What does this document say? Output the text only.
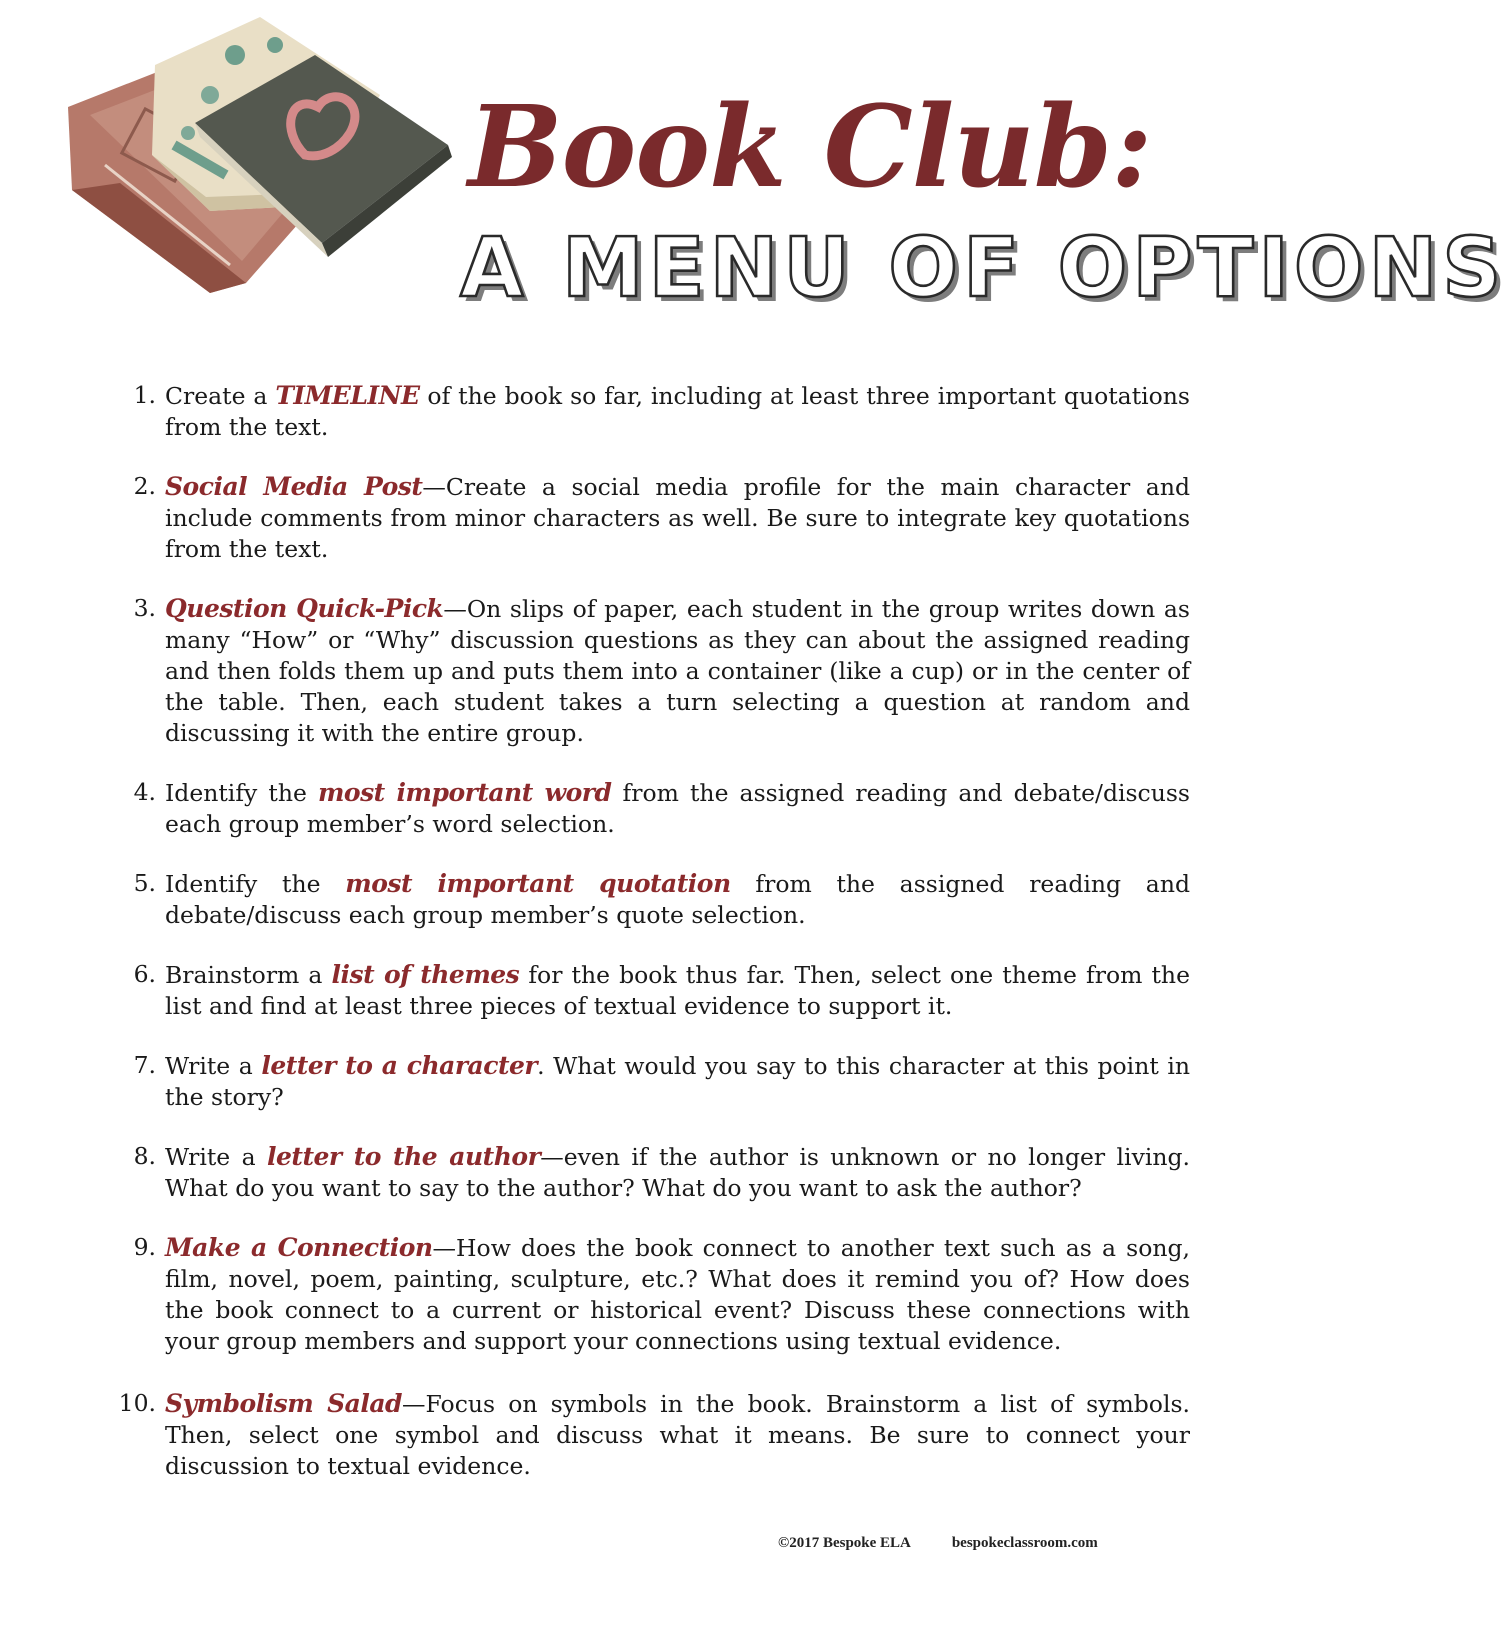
Book Club:
A MENU OF OPTIONS
1. Create a TIMELINE of the book so far, including at least three important quotations from the text.
2. Social Media Post—Create a social media profile for the main character and include comments from minor characters as well. Be sure to integrate key quotations from the text.
3. Question Quick-Pick—On slips of paper, each student in the group writes down as many “How” or “Why” discussion questions as they can about the assigned reading and then folds them up and puts them into a container (like a cup) or in the center of the table. Then, each student takes a turn selecting a question at random and discussing it with the entire group.
4. Identify the most important word from the assigned reading and debate/discuss each group member’s word selection.
5. Identify the most important quotation from the assigned reading and debate/discuss each group member’s quote selection.
6. Brainstorm a list of themes for the book thus far. Then, select one theme from the list and find at least three pieces of textual evidence to support it.
7. Write a letter to a character. What would you say to this character at this point in the story?
8. Write a letter to the author—even if the author is unknown or no longer living. What do you want to say to the author? What do you want to ask the author?
9. Make a Connection—How does the book connect to another text such as a song, film, novel, poem, painting, sculpture, etc.? What does it remind you of? How does the book connect to a current or historical event? Discuss these connections with your group members and support your connections using textual evidence.
10. Symbolism Salad—Focus on symbols in the book. Brainstorm a list of symbols. Then, select one symbol and discuss what it means. Be sure to connect your discussion to textual evidence.
©2017 Bespoke ELA	bespokeclassroom.com
